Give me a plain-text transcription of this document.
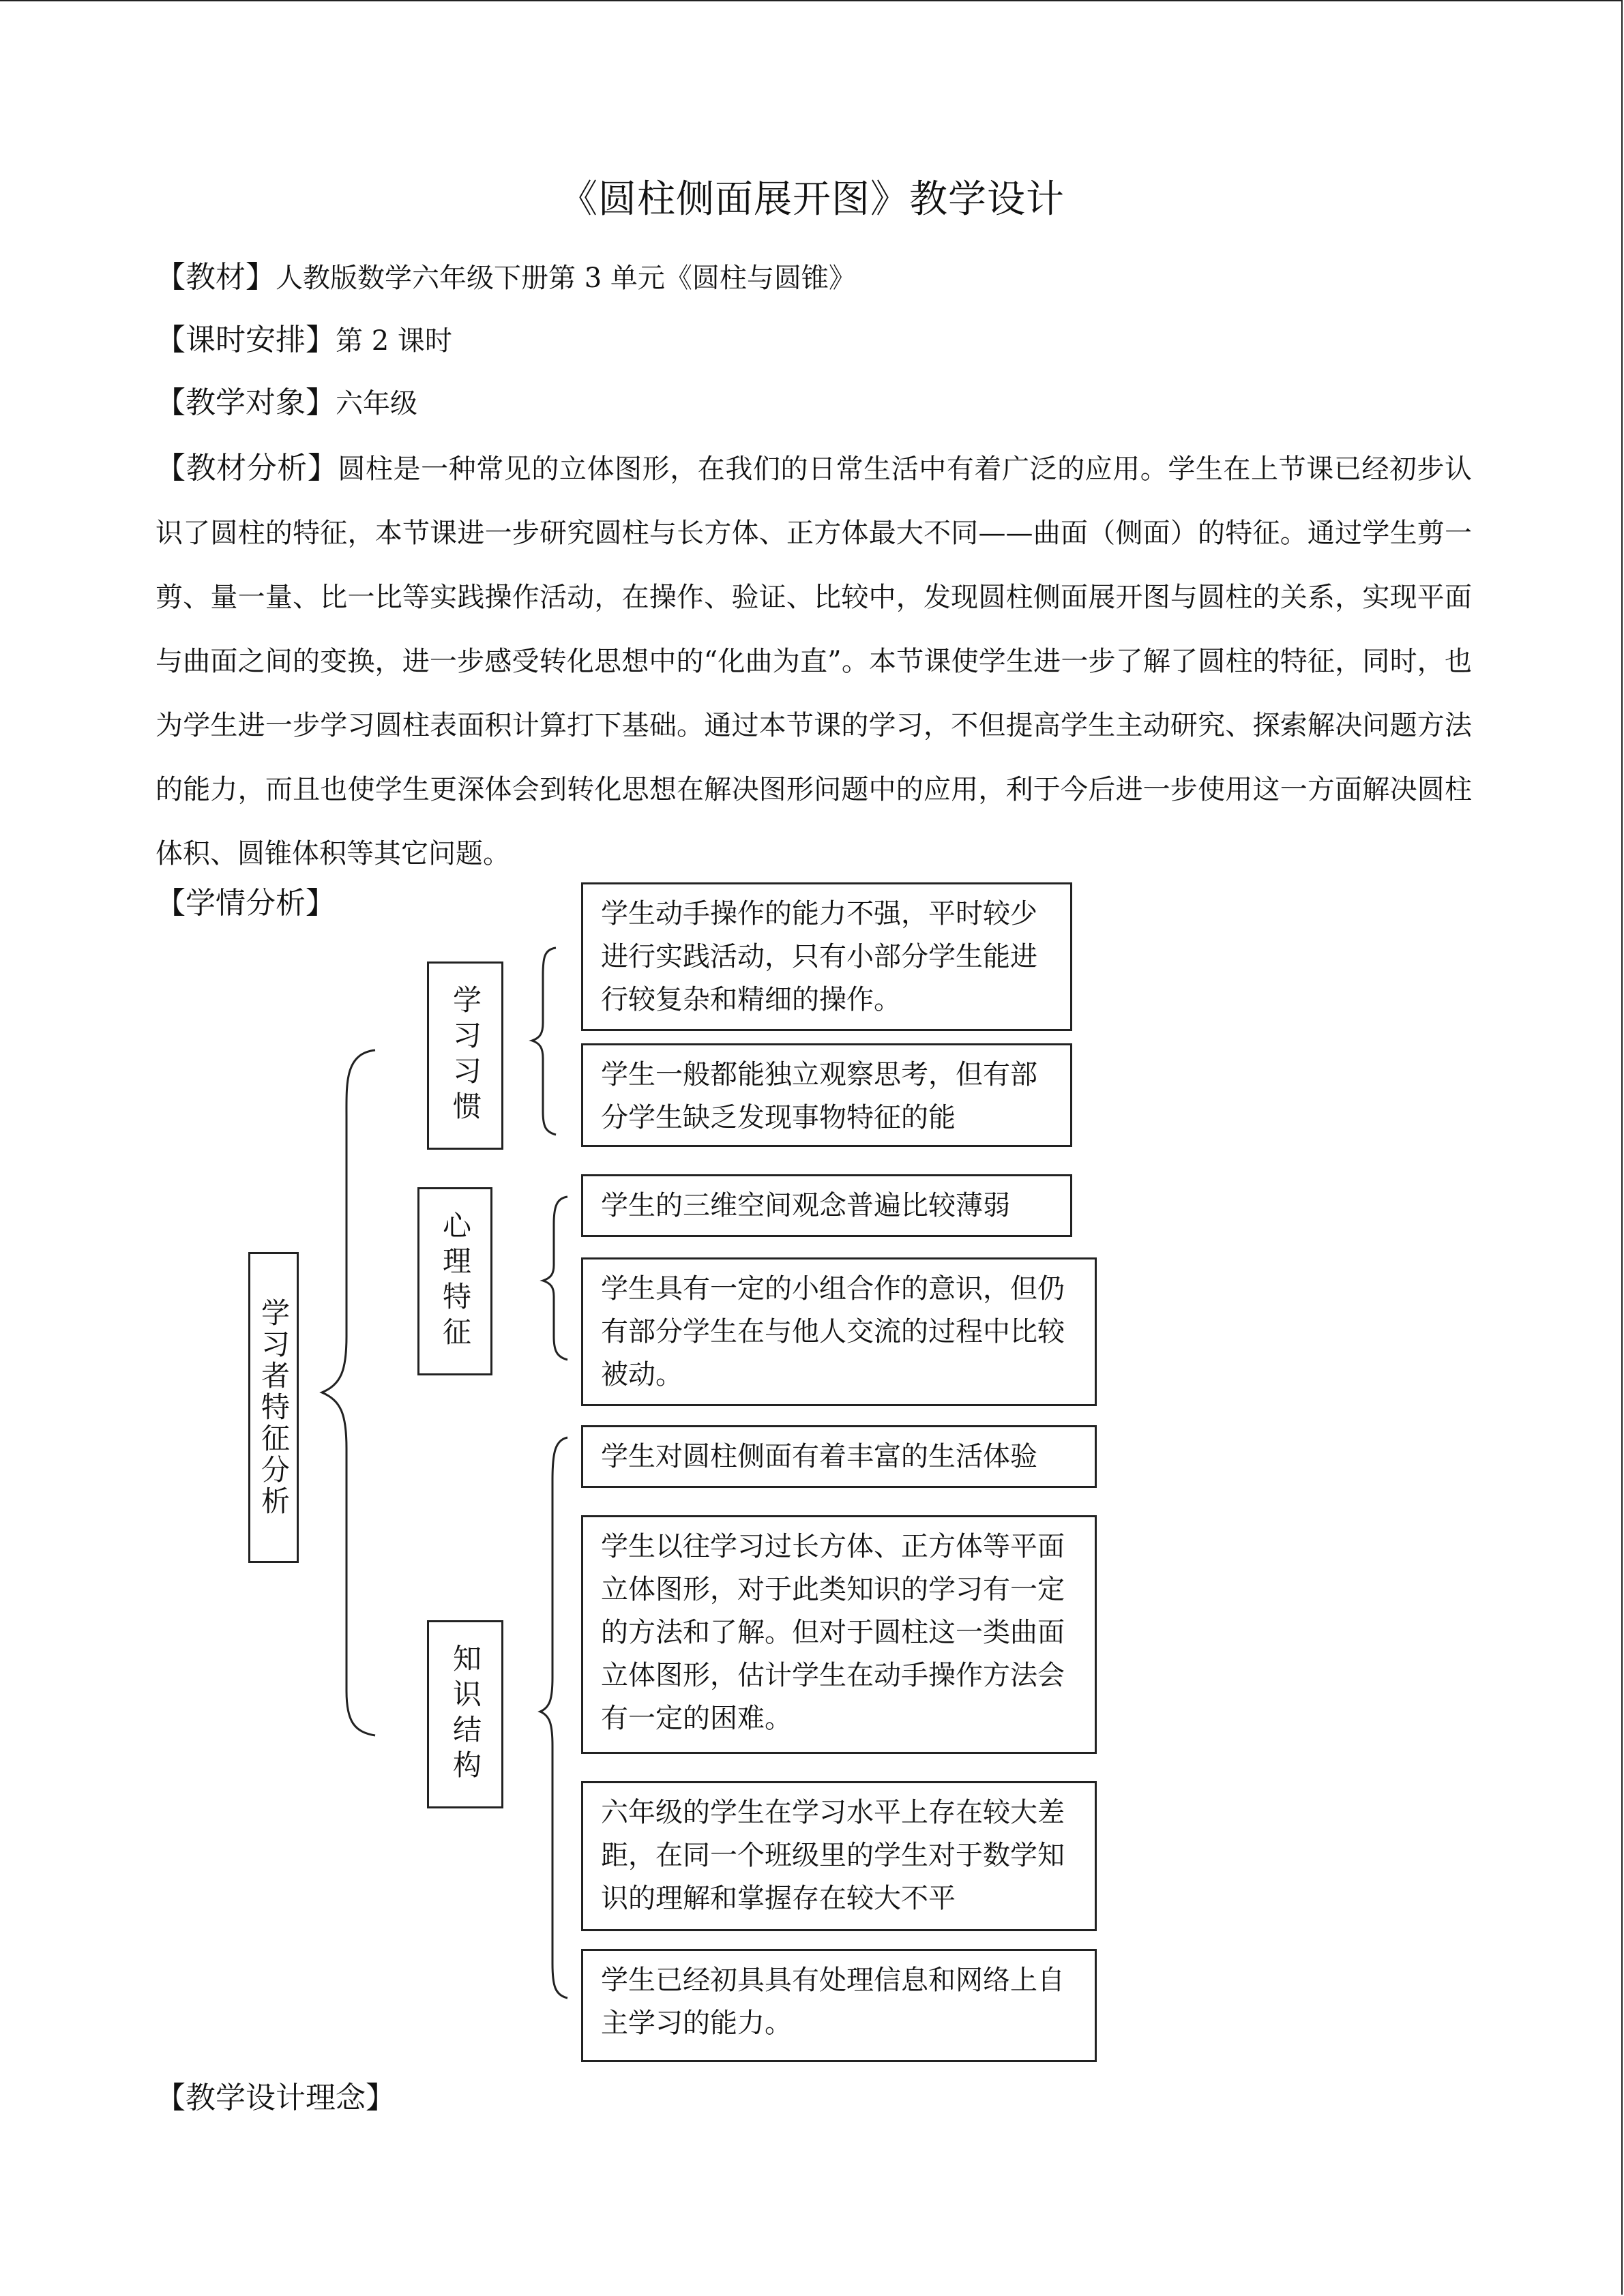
《圆柱侧面展开图》教学设计
【教材】人教版数学六年级下册第 3 单元《圆柱与圆锥》
【课时安排】第 2 课时
【教学对象】六年级
【教材分析】圆柱是一种常见的立体图形，在我们的日常生活中有着广泛的应用。学生在上节课已经初步认识了圆柱的特征，本节课进一步研究圆柱与长方体、正方体最大不同——曲面（侧面）的特征。通过学生剪一剪、量一量、比一比等实践操作活动，在操作、验证、比较中，发现圆柱侧面展开图与圆柱的关系，实现平面与曲面之间的变换，进一步感受转化思想中的“化曲为直”。本节课使学生进一步了解了圆柱的特征，同时，也为学生进一步学习圆柱表面积计算打下基础。通过本节课的学习，不但提高学生主动研究、探索解决问题方法的能力，而且也使学生更深体会到转化思想在解决图形问题中的应用，利于今后进一步使用这一方面解决圆柱体积、圆锥体积等其它问题。
【学情分析】
学习者特征分析
学习习惯
心理特征
知识结构
学生动手操作的能力不强，平时较少进行实践活动，只有小部分学生能进行较复杂和精细的操作。
学生一般都能独立观察思考，但有部分学生缺乏发现事物特征的能
学生的三维空间观念普遍比较薄弱
学生具有一定的小组合作的意识，但仍有部分学生在与他人交流的过程中比较被动。
学生对圆柱侧面有着丰富的生活体验
学生以往学习过长方体、正方体等平面立体图形，对于此类知识的学习有一定的方法和了解。但对于圆柱这一类曲面立体图形，估计学生在动手操作方法会有一定的困难。
六年级的学生在学习水平上存在较大差距，在同一个班级里的学生对于数学知识的理解和掌握存在较大不平
学生已经初具具有处理信息和网络上自主学习的能力。
【教学设计理念】
